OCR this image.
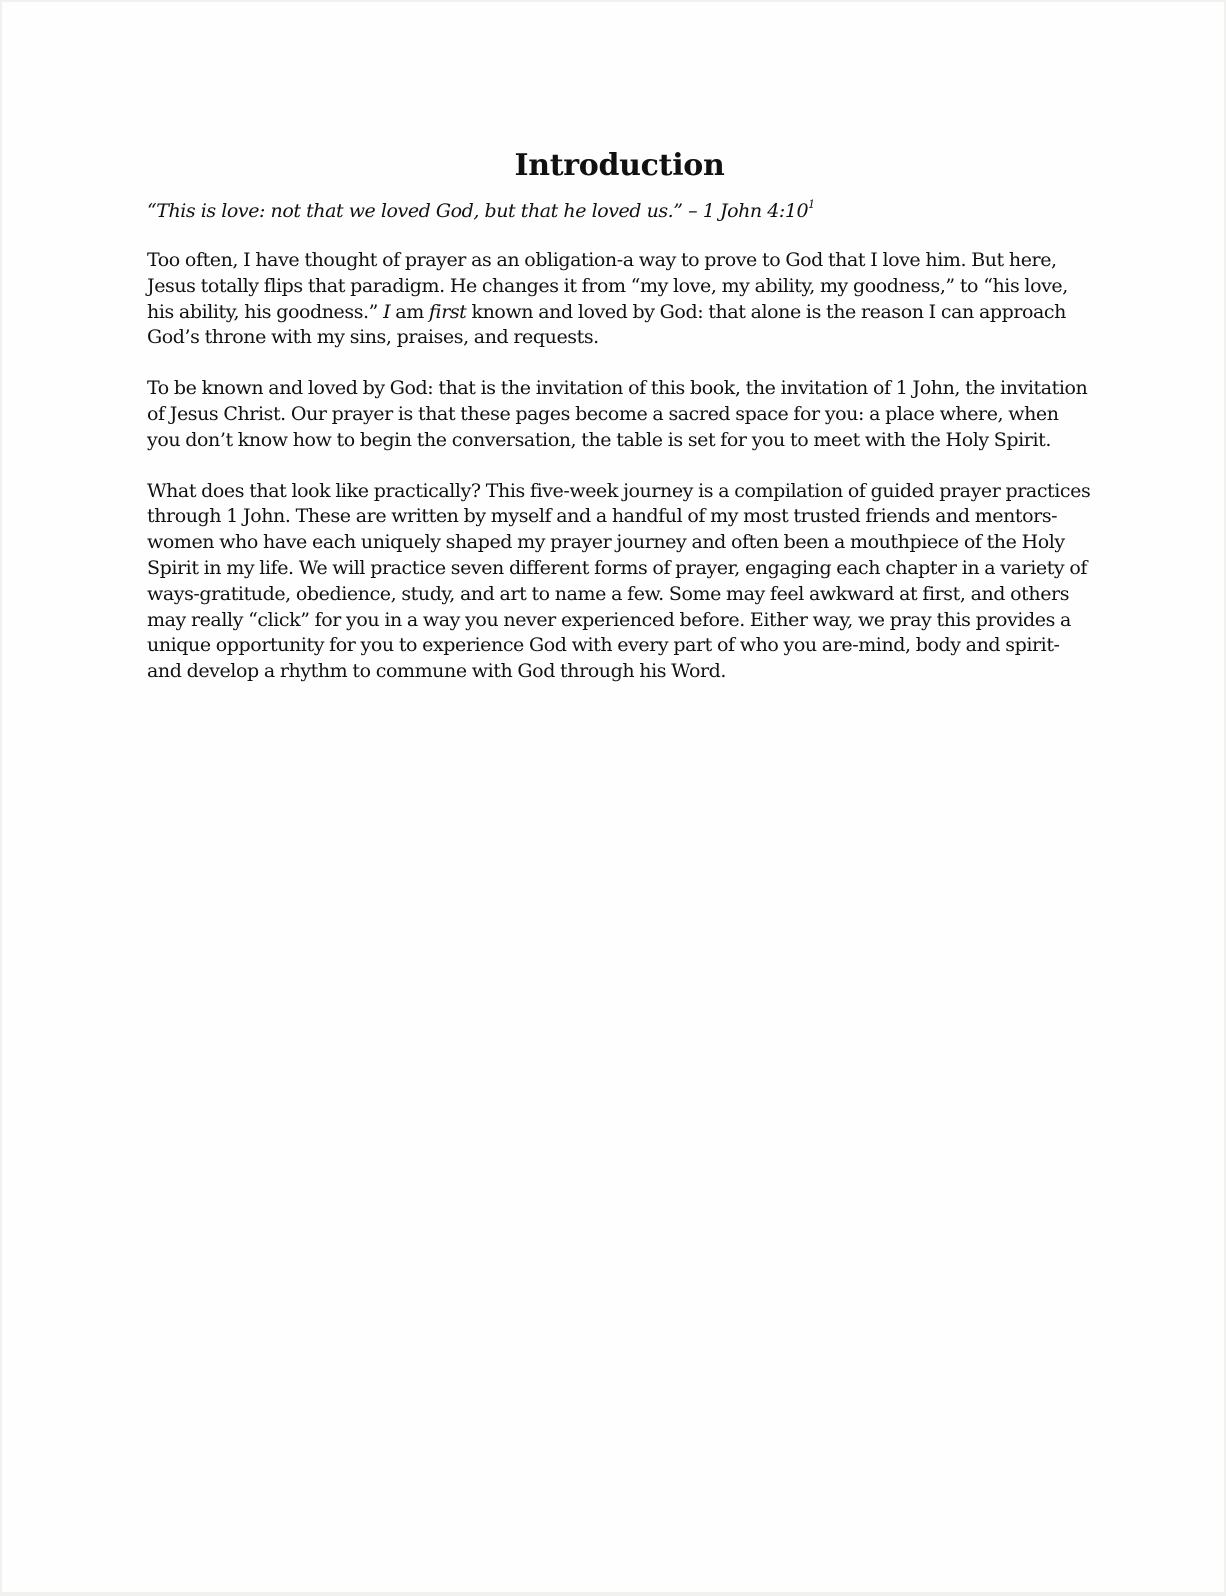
Introduction

“This is love: not that we loved God, but that he loved us.” – 1 John $4:10^1$

Too often, I have thought of prayer as an obligation-a way to prove to God that I love him. But here, Jesus totally flips that paradigm. He changes it from “my love, my ability, my goodness,” to “his love, his ability, his goodness.” I am first known and loved by God: that alone is the reason I can approach God’s throne with my sins, praises, and requests.

To be known and loved by God: that is the invitation of this book, the invitation of 1 John, the invitation of Jesus Christ. Our prayer is that these pages become a sacred space for you: a place where, when you don’t know how to begin the conversation, the table is set for you to meet with the Holy Spirit.

What does that look like practically? This five-week journey is a compilation of guided prayer practices through 1 John. These are written by myself and a handful of my most trusted friends and mentors-women who have each uniquely shaped my prayer journey and often been a mouthpiece of the Holy Spirit in my life. We will practice seven different forms of prayer, engaging each chapter in a variety of ways-gratitude, obedience, study, and art to name a few. Some may feel awkward at first, and others may really “click” for you in a way you never experienced before. Either way, we pray this provides a unique opportunity for you to experience God with every part of who you are-mind, body and spirit-and develop a rhythm to commune with God through his Word.
